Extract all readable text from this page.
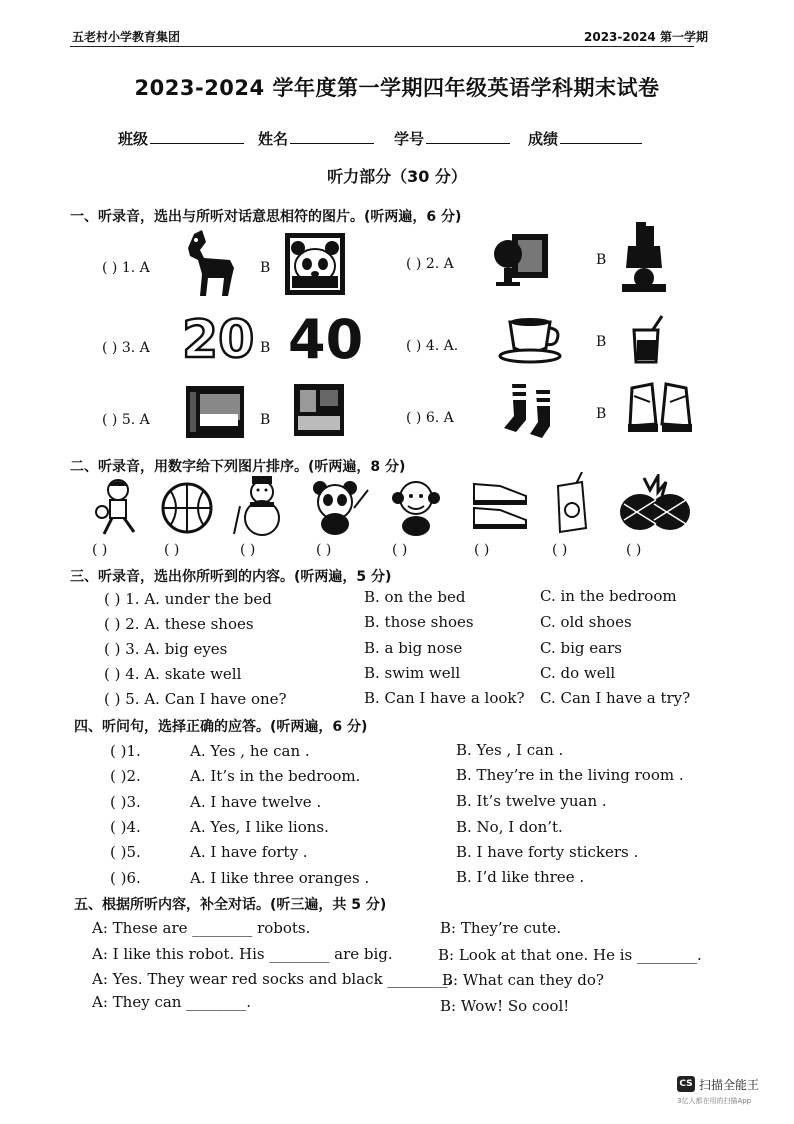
五老村小学教育集团	2023-2024 第一学期
2023-2024 学年度第一学期四年级英语学科期末试卷
班级	姓名	学号	成绩
听力部分（30 分）
一、听录音，选出与所听对话意思相符的图片。(听两遍，6 分)
( ) 1. A	B	( ) 2. A	B
( ) 3. A 20 B 40	( ) 4. A.	B
( ) 5. A	B	( ) 6. A	B
二、听录音，用数字给下列图片排序。(听两遍，8 分)
( )	( )	( )	( )	( )	( )	( )	( )
三、听录音，选出你所听到的内容。(听两遍，5 分)
( ) 1. A. under the bed	B. on the bed	C. in the bedroom
( ) 2. A. these shoes	B. those shoes	C. old shoes
( ) 3. A. big eyes	B. a big nose	C. big ears
( ) 4. A. skate well	B. swim well	C. do well
( ) 5. A. Can I have one?	B. Can I have a look? C. Can I have a try?
四、听问句，选择正确的应答。(听两遍，6 分)
( )1.	A. Yes , he can .	B. Yes , I can .
( )2.	A. It’s in the bedroom.	B. They’re in the living room .
( )3.	A. I have twelve .	B. It’s twelve yuan .
( )4.	A. Yes, I like lions.	B. No, I don’t.
( )5.	A. I have forty .	B. I have forty stickers .
( )6.	A. I like three oranges .	B. I’d like three .
五、根据所听内容，补全对话。(听三遍，共 5 分)
A: These are ________ robots.	B: They’re cute.
A: I like this robot. His ________ are big.	B: Look at that one. He is ________.
A: Yes. They wear red socks and black ________.
B: What can they do?
A: They can ________.	B: Wow! So cool!
CS 扫描全能王
3亿人都在用的扫描App
